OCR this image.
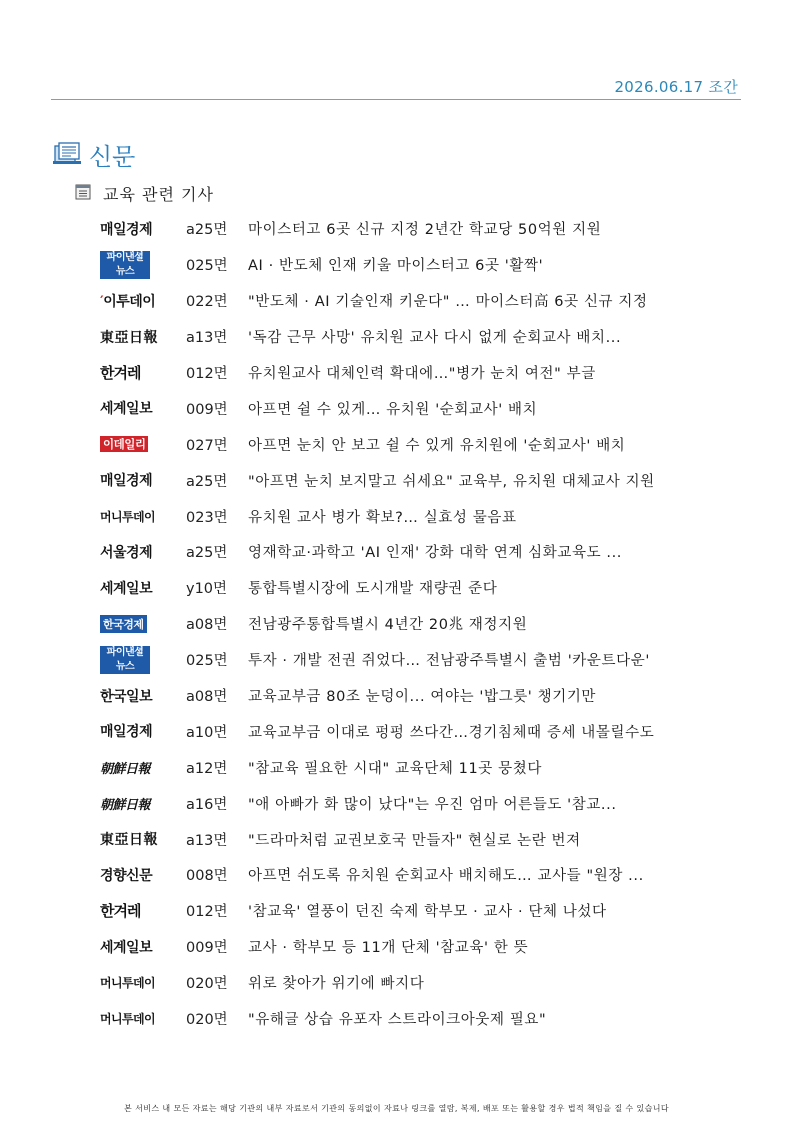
2026.06.17 조간
신문
교육 관련 기사
매일경제 a25면	마이스터고 6곳 신규 지정 2년간 학교당 50억원 지원
파이낸셜뉴스	025면	AI · 반도체 인재 키울 마이스터고 6곳 '활짝'
′이투데이 022면	"반도체 · AI 기술인재 키운다" … 마이스터高 6곳 신규 지정
東亞日報 a13면	'독감 근무 사망' 유치원 교사 다시 없게 순회교사 배치...
한겨레	012면	유치원교사 대체인력 확대에…"병가 눈치 여전" 부글
세계일보 009면	아프면 쉴 수 있게… 유치원 '순회교사' 배치
이데일리	027면	아프면 눈치 안 보고 쉴 수 있게 유치원에 '순회교사' 배치
매일경제 a25면	"아프면 눈치 보지말고 쉬세요" 교육부, 유치원 대체교사 지원
머니투데이 023면	유치원 교사 병가 확보?… 실효성 물음표
서울경제 a25면	영재학교·과학고 'AI 인재' 강화 대학 연계 심화교육도 ...
세계일보 y10면	통합특별시장에 도시개발 재량권 준다
한국경제	a08면	전남광주통합특별시 4년간 20兆 재정지원
파이낸셜뉴스	025면	투자 · 개발 전권 쥐었다… 전남광주특별시 출범 '카운트다운'
한국일보 a08면	교육교부금 80조 눈덩이... 여야는 '밥그릇' 챙기기만
매일경제 a10면	교육교부금 이대로 펑펑 쓰다간…경기침체때 증세 내몰릴수도
朝鮮日報 a12면	"참교육 필요한 시대" 교육단체 11곳 뭉쳤다
朝鮮日報 a16면	"애 아빠가 화 많이 났다"는 우진 엄마 어른들도 '참교...
東亞日報 a13면	"드라마처럼 교권보호국 만들자" 현실로 논란 번져
경향신문 008면	아프면 쉬도록 유치원 순회교사 배치해도… 교사들 "원장 ...
한겨레	012면	'참교육' 열풍이 던진 숙제 학부모 · 교사 · 단체 나섰다
세계일보 009면	교사 · 학부모 등 11개 단체 '참교육' 한 뜻
머니투데이 020면	위로 찾아가 위기에 빠지다
머니투데이 020면	"유해글 상습 유포자 스트라이크아웃제 필요"
본 서비스 내 모든 자료는 해당 기관의 내부 자료로서 기관의 동의없이 자료나 링크를 열람, 복제, 배포 또는 활용할 경우 법적 책임을 질 수 있습니다
